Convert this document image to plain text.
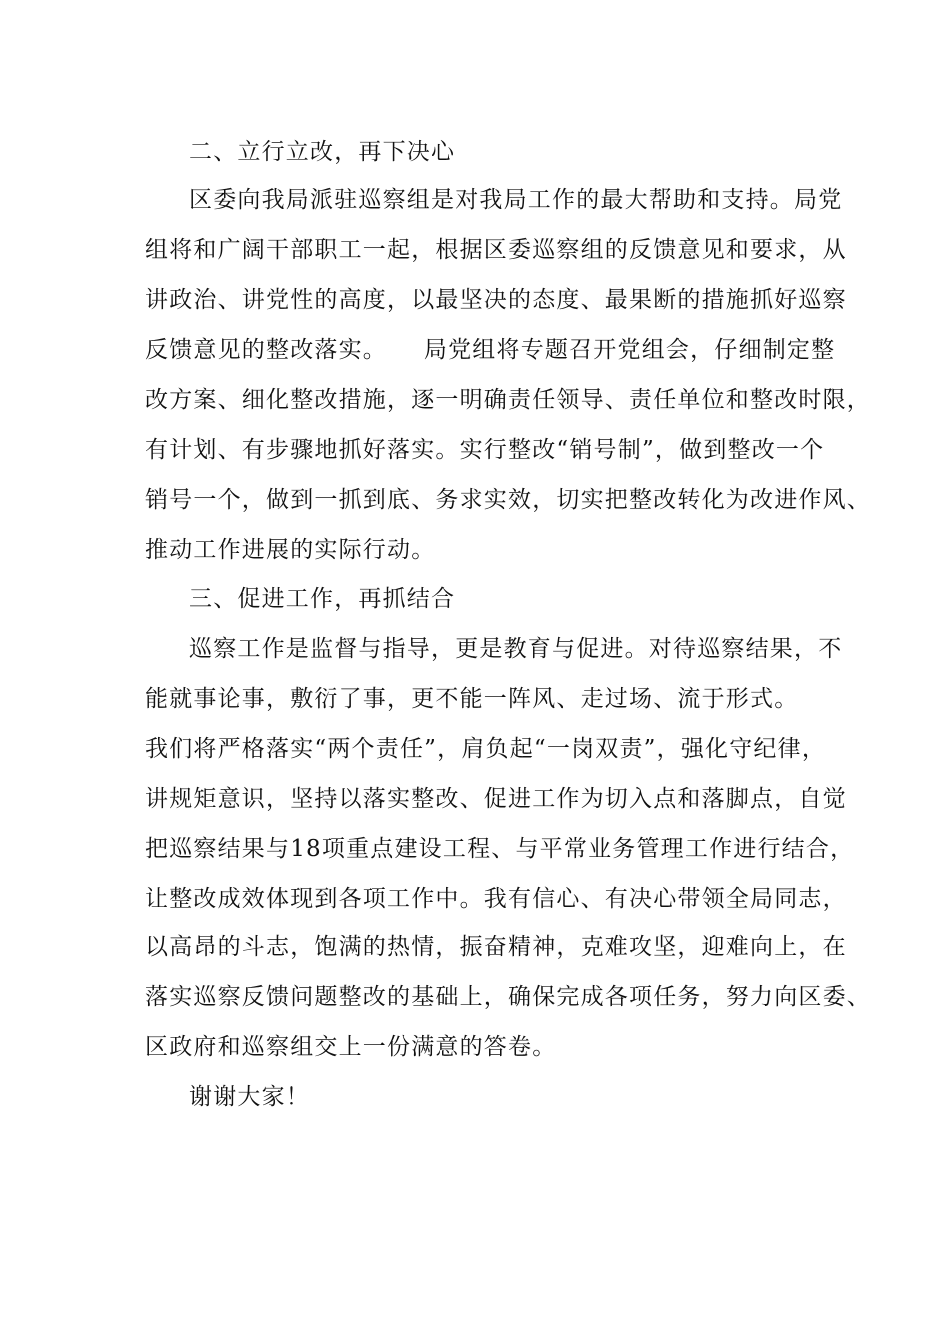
二、立行立改，再下决心
区委向我局派驻巡察组是对我局工作的最大帮助和支持。局党
组将和广阔干部职工一起，根据区委巡察组的反馈意见和要求，从
讲政治、讲党性的高度，以最坚决的态度、最果断的措施抓好巡察
反馈意见的整改落实。　　局党组将专题召开党组会，仔细制定整
改方案、细化整改措施，逐一明确责任领导、责任单位和整改时限，
有计划、有步骤地抓好落实。实行整改“销号制”，做到整改一个
销号一个，做到一抓到底、务求实效，切实把整改转化为改进作风、
推动工作进展的实际行动。
三、促进工作，再抓结合
巡察工作是监督与指导，更是教育与促进。对待巡察结果，不
能就事论事，敷衍了事，更不能一阵风、走过场、流于形式。
我们将严格落实“两个责任”，肩负起“一岗双责”，强化守纪律，
讲规矩意识，坚持以落实整改、促进工作为切入点和落脚点，自觉
把巡察结果与18项重点建设工程、与平常业务管理工作进行结合，
让整改成效体现到各项工作中。我有信心、有决心带领全局同志，
以高昂的斗志，饱满的热情，振奋精神，克难攻坚，迎难向上，在
落实巡察反馈问题整改的基础上，确保完成各项任务，努力向区委、
区政府和巡察组交上一份满意的答卷。
谢谢大家！
